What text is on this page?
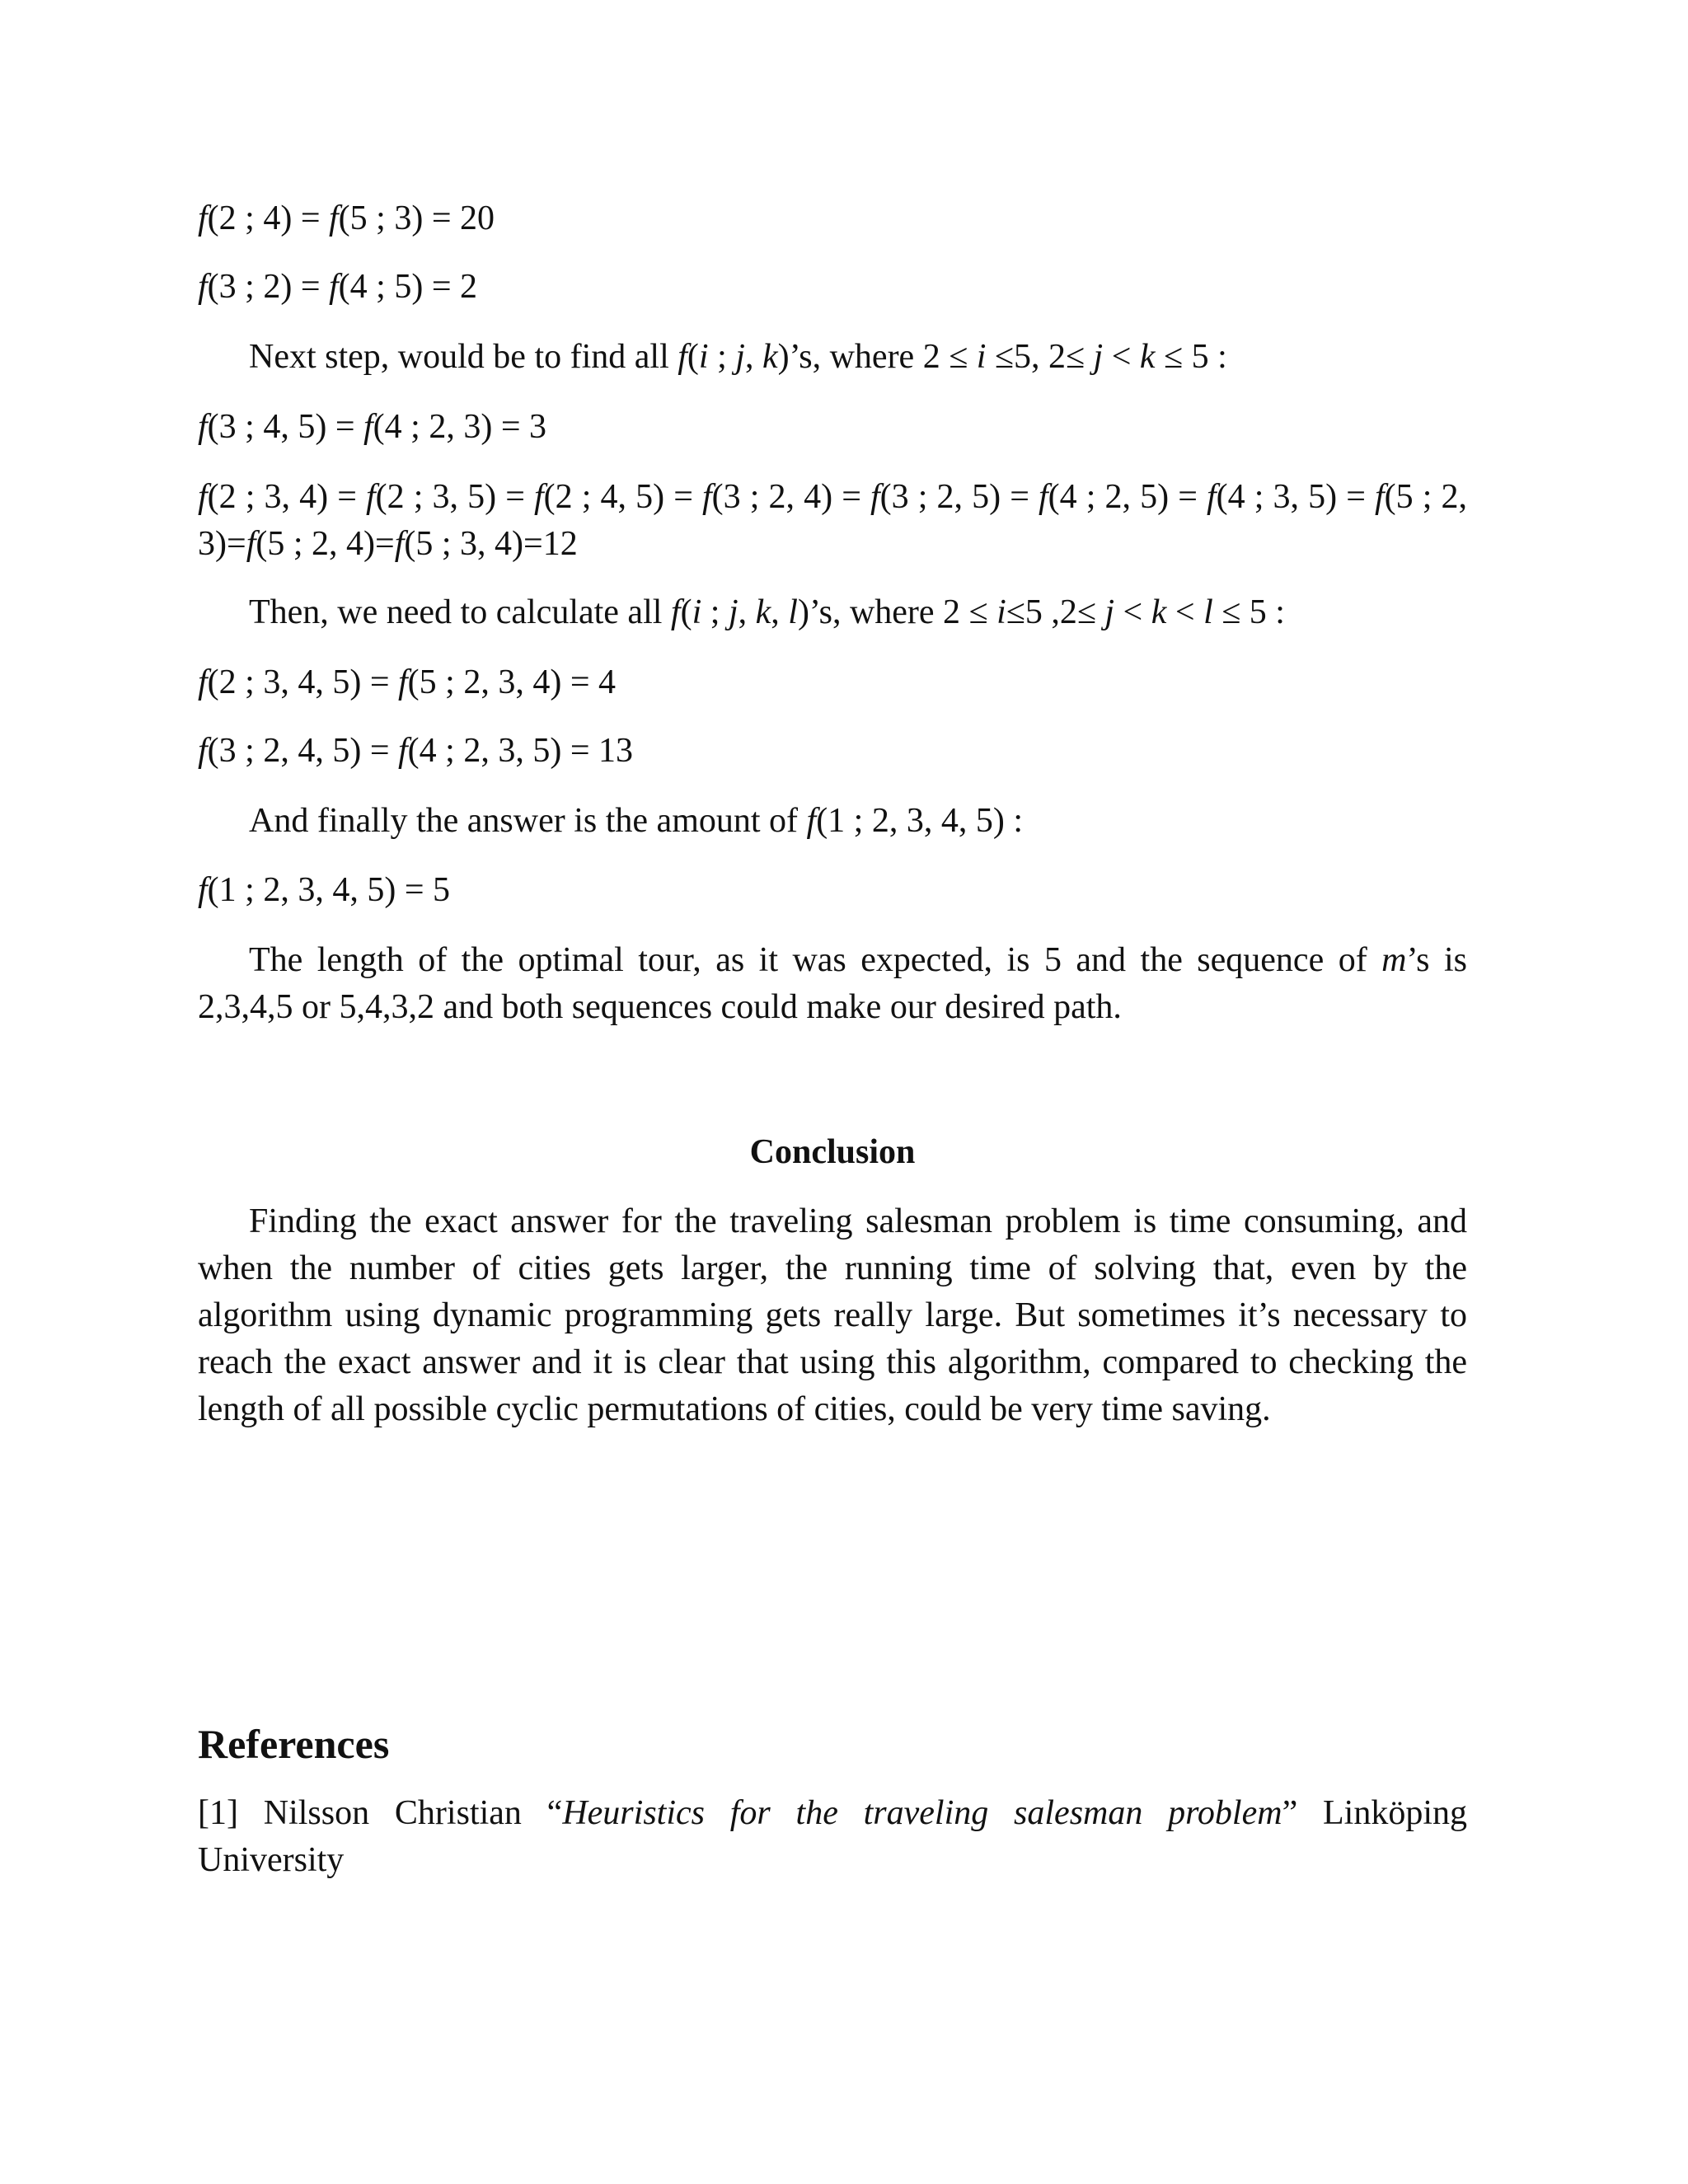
f(2 ; 4) = f(5 ; 3) = 20
f(3 ; 2) = f(4 ; 5) = 2
Next step, would be to find all f(i ; j, k)’s, where 2 ≤ i ≤5, 2≤ j < k ≤ 5 :
f(3 ; 4, 5) = f(4 ; 2, 3) = 3
f(2 ; 3, 4) = f(2 ; 3, 5) = f(2 ; 4, 5) = f(3 ; 2, 4) = f(3 ; 2, 5) = f(4 ; 2, 5) = f(4 ; 3, 5) = f(5 ; 2, 3)=f(5 ; 2, 4)=f(5 ; 3, 4)=12
Then, we need to calculate all f(i ; j, k, l)’s, where 2 ≤ i≤5 ,2≤ j < k < l ≤ 5 :
f(2 ; 3, 4, 5) = f(5 ; 2, 3, 4) = 4
f(3 ; 2, 4, 5) = f(4 ; 2, 3, 5) = 13
And finally the answer is the amount of f(1 ; 2, 3, 4, 5) :
f(1 ; 2, 3, 4, 5) = 5
The length of the optimal tour, as it was expected, is 5 and the sequence of m’s is 2,3,4,5 or 5,4,3,2 and both sequences could make our desired path.
Conclusion
Finding the exact answer for the traveling salesman problem is time consuming, and when the number of cities gets larger, the running time of solving that, even by the algorithm using dynamic programming gets really large. But sometimes it’s necessary to reach the exact answer and it is clear that using this algorithm, compared to checking the length of all possible cyclic permutations of cities, could be very time saving.
References
[1] Nilsson Christian “Heuristics for the traveling salesman problem” Linköping University
